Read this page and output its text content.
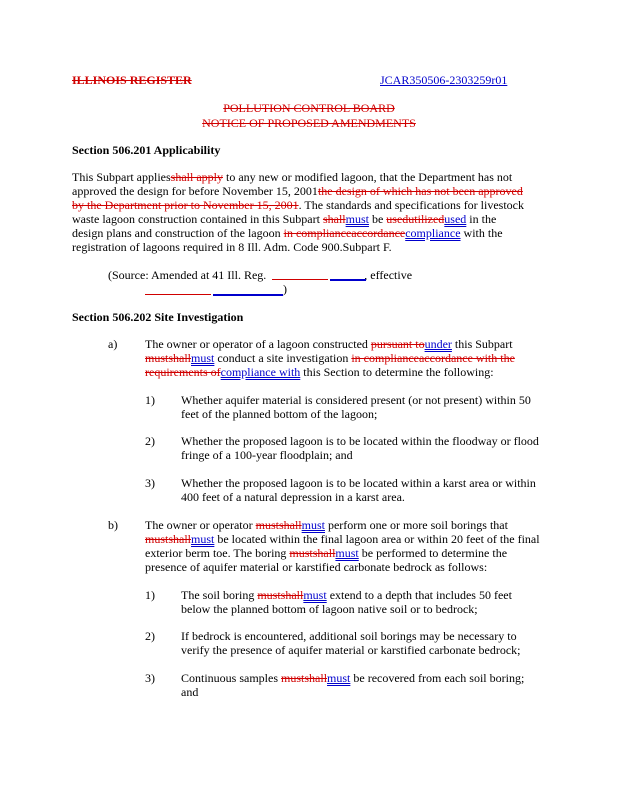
ILLINOIS REGISTER	JCAR350506-2303259r01
POLLUTION CONTROL BOARD
NOTICE OF PROPOSED AMENDMENTS
Section 506.201 Applicability
This Subpart appliesshall apply to any new or modified lagoon, that the Department has not
approved the design for before November 15, 2001the design of which has not been approved
by the Department prior to November 15, 2001. The standards and specifications for livestock
waste lagoon construction contained in this Subpart shallmust be usedutilizedused in the
design plans and construction of the lagoon in complianceaccordancecompliance with the
registration of lagoons required in 8 Ill. Adm. Code 900.Subpart F.
(Source: Amended at 41 Ill. Reg.	, effective
)
Section 506.202 Site Investigation
a) The owner or operator of a lagoon constructed pursuant tounder this Subpart
mustshallmust conduct a site investigation in complianceaccordance with the
requirements ofcompliance with this Section to determine the following:
1) Whether aquifer material is considered present (or not present) within 50
feet of the planned bottom of the lagoon;
2) Whether the proposed lagoon is to be located within the floodway or flood
fringe of a 100-year floodplain; and
3) Whether the proposed lagoon is to be located within a karst area or within
400 feet of a natural depression in a karst area.
b) The owner or operator mustshallmust perform one or more soil borings that
mustshallmust be located within the final lagoon area or within 20 feet of the final
exterior berm toe. The boring mustshallmust be performed to determine the
presence of aquifer material or karstified carbonate bedrock as follows:
1) The soil boring mustshallmust extend to a depth that includes 50 feet
below the planned bottom of lagoon native soil or to bedrock;
2) If bedrock is encountered, additional soil borings may be necessary to
verify the presence of aquifer material or karstified carbonate bedrock;
3) Continuous samples mustshallmust be recovered from each soil boring;
and
